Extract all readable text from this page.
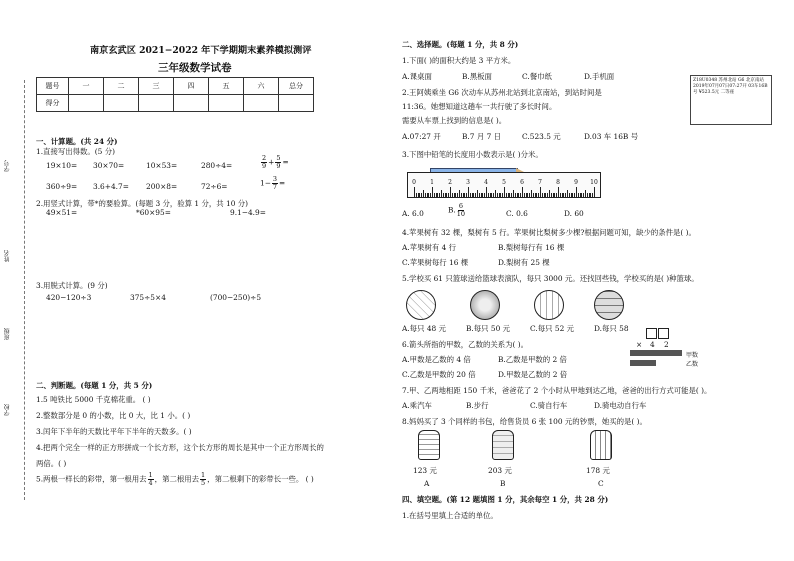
学号
姓名
班级
学校
南京玄武区 2021−2022 年下学期期末素养模拟测评
三年级数学试卷
题号	一	二	三	四	五	六	总分
得分							
一、计算题。(共 24 分)
1.直接写出得数。(5 分)
19×10= 30×70=	10×53=	280÷4=	$\frac{2}{9} + \frac{5}{9}$ =
360÷9= 3.6+4.7= 200×8=	72÷6=	$1- \frac{3}{7}$ =
2.用竖式计算，带*的要验算。(每题 3 分，验算 1 分，共 10 分)
49×51=	*60×95=	9.1−4.9=
3.用脱式计算。(9 分)
420−120÷3	375÷5×4	(700−250)÷5
二、判断题。(每题 1 分，共 5 分)
1.5 吨铁比 5000 千克棉花重。 ( )
2.整数部分是 0 的小数，比 0 大，比 1 小。( )
3.闰年下半年的天数比平年下半年的天数多。( )
4.把两个完全一样的正方形拼成一个长方形，这个长方形的周长是其中一个正方形周长的
两倍。( )
5.两根一样长的彩带，第一根用去 $\frac{1}{4}$ ，第二根用去 $\frac{1}{5}$ ，第二根剩下的彩带长一些。 ( )
二、选择题。(每题 1 分，共 8 分)
1.下面( )的面积大约是 3 平方米。
A.课桌面	B.黑板面	C.餐巾纸	D.手机面
2.王阿姨乘坐 G6 次动车从苏州北站到北京南站，到站时间是
11:36。她想知道这趟车一共行驶了多长时间。
需要从车票上找到的信息是( )。
A.07:27 开	B.7 月 7 日	C.523.5 元	D.03 车 16B 号
Z18U0348 苏州北站 G6 北京南站 2019年07月07日07:27开 03车16B号 ¥523.5元 二等座
3.下图中铅笔的长度用小数表示是( )分米。
0 1 2 3 4 5 6 7 8 9 10
A. 6.0	B. $\frac{6}{10}$	C. 0.6	D. 60
4.苹果树有 32 棵，梨树有 5 行。苹果树比梨树多少棵?根据问题可知，缺少的条件是( )。
A.苹果树有 4 行	B.梨树每行有 16 棵
C.苹果树每行 16 棵	D.梨树有 25 棵
5.学校买 61 只篮球送给篮球表演队，每只 3000 元。还找回些钱，学校买的是( )种篮球。
A.每只 48 元	B.每只 50 元	C.每只 52 元	D.每只 58
6.箭头所指的甲数，乙数的关系为( )。
A.甲数是乙数的 4 倍	B.乙数是甲数的 2 倍
C.乙数是甲数的 20 倍	D.甲数是乙数的 2 倍
× 4 2
甲数
乙数
7.甲、乙两地相距 150 千米，爸爸花了 2 个小时从甲地到达乙地，爸爸的出行方式可能是( )。
A.乘汽车	B.步行	C.骑自行车	D.骑电动自行车
8.妈妈买了 3 个同样的书包，给售货员 6 张 100 元的钞票，她买的是( )。
123 元	203 元	178 元
A	B	C
四、填空题。(第 12 题填图 1 分，其余每空 1 分，共 28 分)
1.在括号里填上合适的单位。
